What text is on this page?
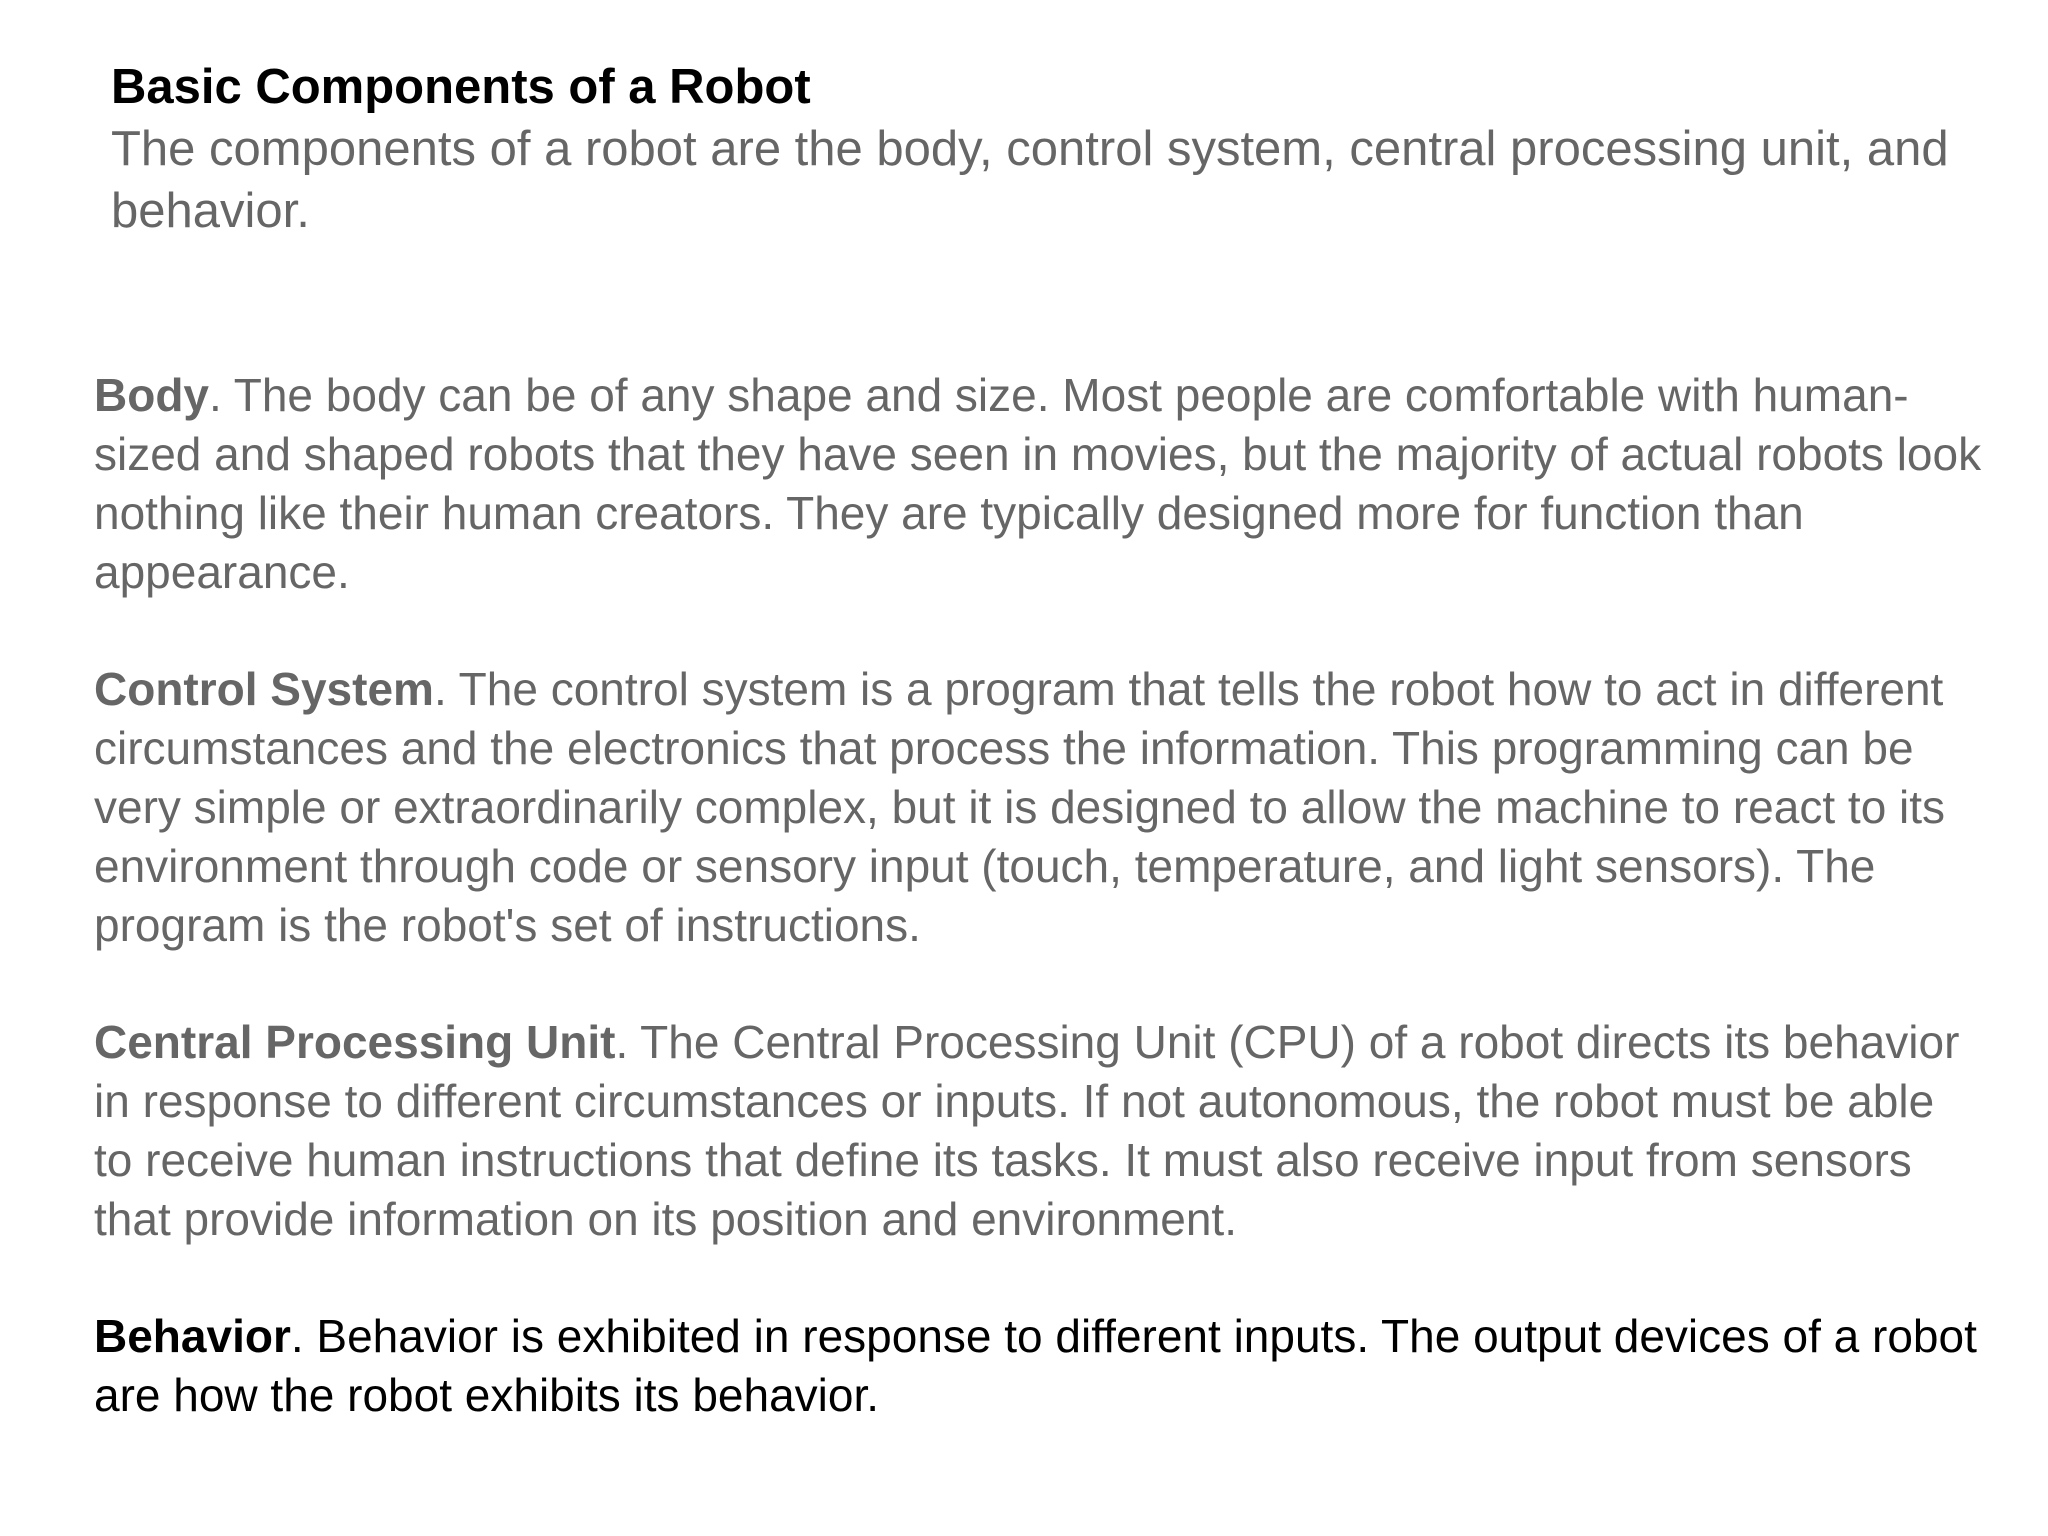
Basic Components of a Robot

The components of a robot are the body, control system, central processing unit, and behavior.

Body. The body can be of any shape and size. Most people are comfortable with human-sized and shaped robots that they have seen in movies, but the majority of actual robots look nothing like their human creators. They are typically designed more for function than appearance.

Control System. The control system is a program that tells the robot how to act in different circumstances and the electronics that process the information. This programming can be very simple or extraordinarily complex, but it is designed to allow the machine to react to its environment through code or sensory input (touch, temperature, and light sensors). The program is the robot's set of instructions.

Central Processing Unit. The Central Processing Unit (CPU) of a robot directs its behavior in response to different circumstances or inputs. If not autonomous, the robot must be able to receive human instructions that define its tasks. It must also receive input from sensors that provide information on its position and environment.

Behavior. Behavior is exhibited in response to different inputs. The output devices of a robot are how the robot exhibits its behavior.
